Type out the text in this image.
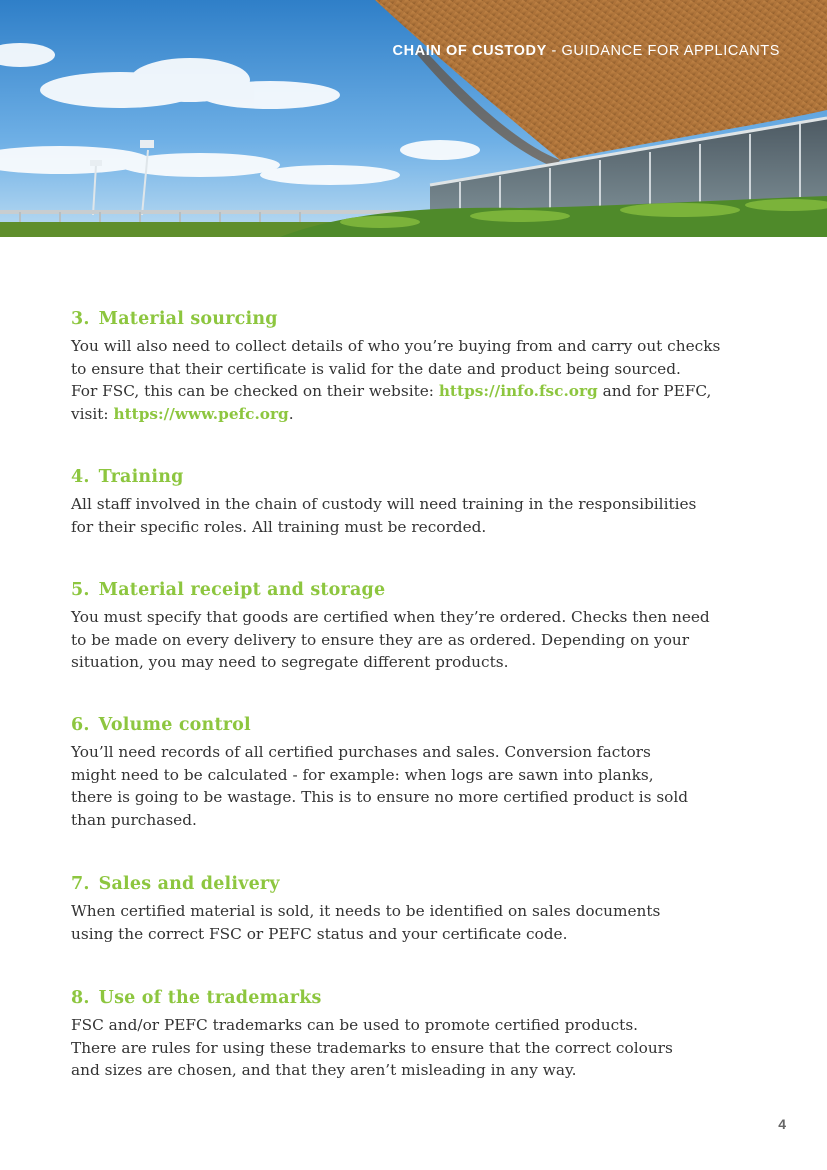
CHAIN OF CUSTODY - GUIDANCE FOR APPLICANTS
3. Material sourcing

You will also need to collect details of who you’re buying from and carry out checks
to ensure that their certificate is valid for the date and product being sourced.
For FSC, this can be checked on their website: https://info.fsc.org and for PEFC,
visit: https://www.pefc.org.

4. Training

All staff involved in the chain of custody will need training in the responsibilities
for their specific roles. All training must be recorded.

5. Material receipt and storage

You must specify that goods are certified when they’re ordered. Checks then need
to be made on every delivery to ensure they are as ordered. Depending on your
situation, you may need to segregate different products.

6. Volume control

You’ll need records of all certified purchases and sales. Conversion factors
might need to be calculated - for example: when logs are sawn into planks,
there is going to be wastage. This is to ensure no more certified product is sold
than purchased.

7. Sales and delivery

When certified material is sold, it needs to be identified on sales documents
using the correct FSC or PEFC status and your certificate code.

8. Use of the trademarks

FSC and/or PEFC trademarks can be used to promote certified products.
There are rules for using these trademarks to ensure that the correct colours
and sizes are chosen, and that they aren’t misleading in any way.

4
